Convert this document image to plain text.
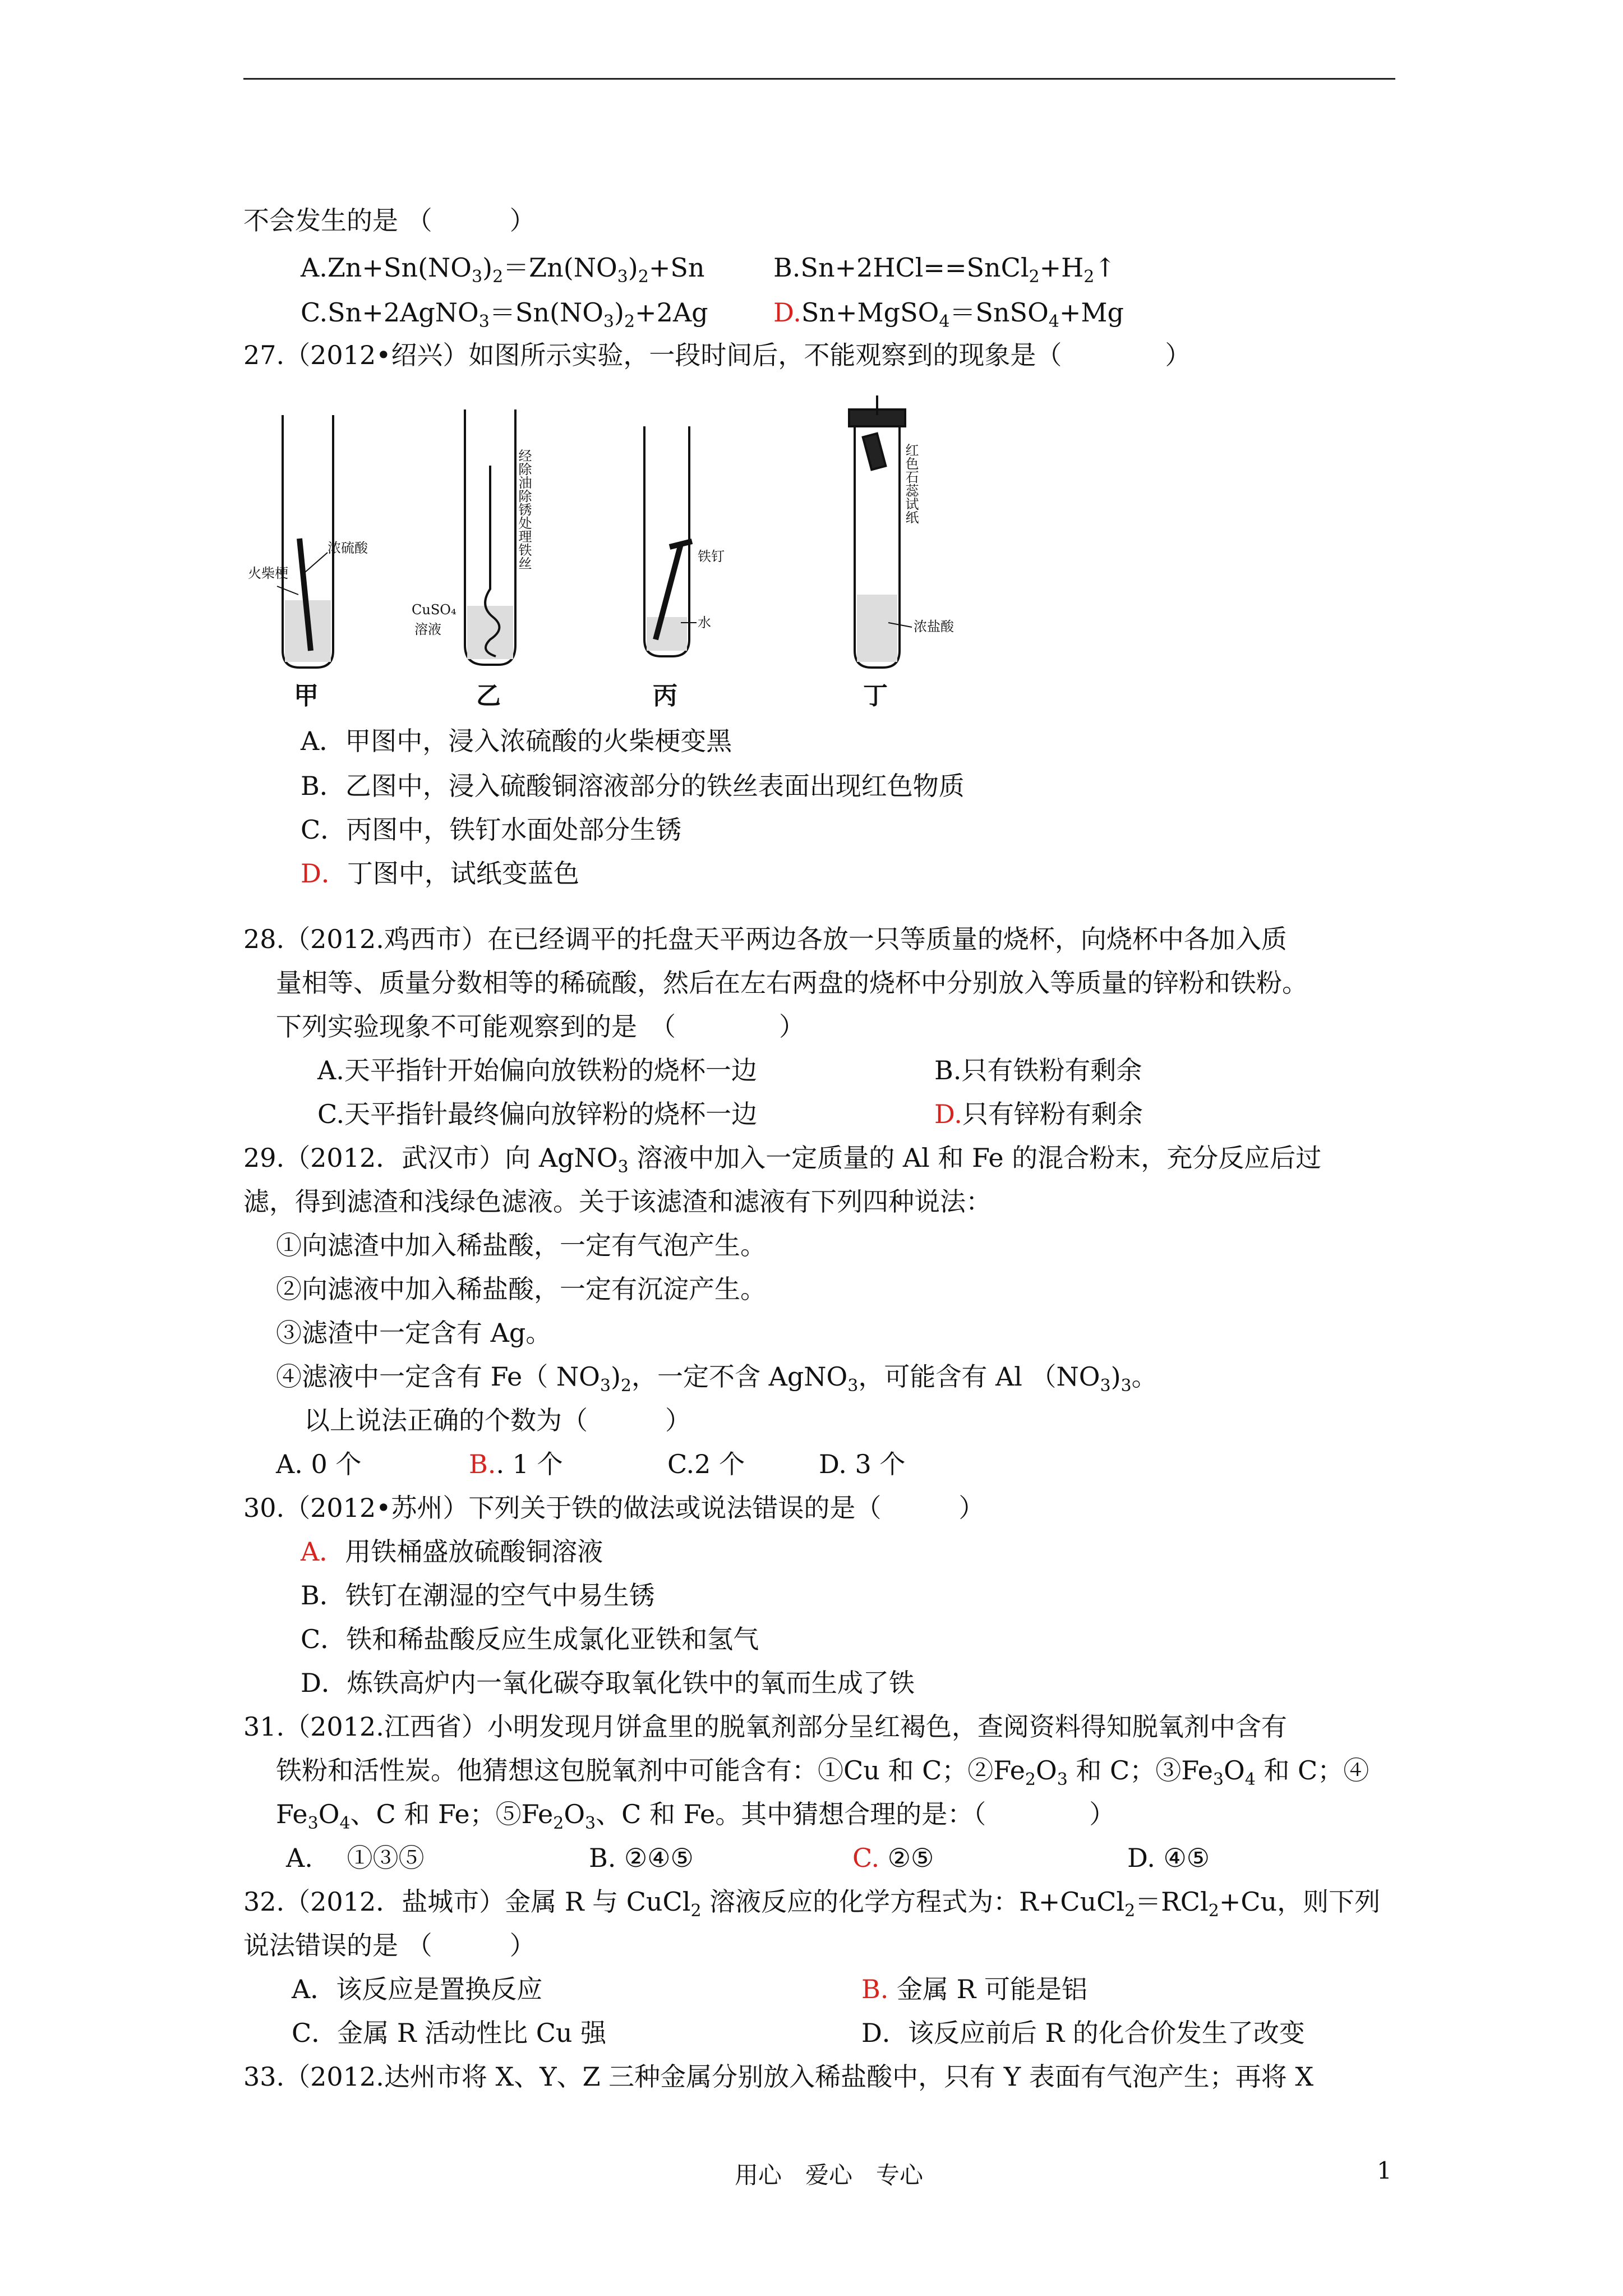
不会发生的是 （　　　）
$A.Zn+Sn(NO_3)_2=Zn(NO_3)_2+Sn$	$B.Sn+2HCl==SnCl_2+H_2↑$
$C.Sn+2AgNO_3=Sn(NO_3)_2+2Ag$	D.Sn+MgSO$_4$＝SnSO$_4$+Mg
27.（2012•绍兴）如图所示实验，一段时间后，不能观察到的现象是（　　　　）
火柴梗
浓硫酸
CuSO₄
溶液
经除油除锈处理铁丝	铁钉
水
红色石蕊试纸
浓盐酸
甲	乙	丙	丁
A．甲图中，浸入浓硫酸的火柴梗变黑
B．乙图中，浸入硫酸铜溶液部分的铁丝表面出现红色物质
C．丙图中，铁钉水面处部分生锈
D．丁图中，试纸变蓝色
28.（2012.鸡西市）在已经调平的托盘天平两边各放一只等质量的烧杯，向烧杯中各加入质
量相等、质量分数相等的稀硫酸，然后在左右两盘的烧杯中分别放入等质量的锌粉和铁粉。
下列实验现象不可能观察到的是　（　　　　）
A.天平指针开始偏向放铁粉的烧杯一边	B.只有铁粉有剩余
C.天平指针最终偏向放锌粉的烧杯一边	D.只有锌粉有剩余
29.（2012．武汉市）向 AgNO$_3$ 溶液中加入一定质量的 Al 和 Fe 的混合粉末，充分反应后过
滤，得到滤渣和浅绿色滤液。关于该滤渣和滤液有下列四种说法：
①向滤渣中加入稀盐酸，一定有气泡产生。
②向滤液中加入稀盐酸，一定有沉淀产生。
③滤渣中一定含有 Ag。
④滤液中一定含有 Fe（ $NO_3)_2$，一定不含 AgNO$_3$，可能含有 Al $(NO_3)_3$。
以上说法正确的个数为（　　　）
A. 0 个	B.. 1 个	C.2 个	D. 3 个
30.（2012•苏州）下列关于铁的做法或说法错误的是（　　　）
A．用铁桶盛放硫酸铜溶液
B．铁钉在潮湿的空气中易生锈
C．铁和稀盐酸反应生成氯化亚铁和氢气
D．炼铁高炉内一氧化碳夺取氧化铁中的氧而生成了铁
31.（2012.江西省）小明发现月饼盒里的脱氧剂部分呈红褐色，查阅资料得知脱氧剂中含有
铁粉和活性炭。他猜想这包脱氧剂中可能含有：①Cu 和 C；$②Fe_2O_3$ 和 C；$③Fe_3O_4$ 和 C；④
$Fe_3O_4$、C 和 Fe；$⑤Fe_2O_3$、C 和 Fe。其中猜想合理的是：（　　　　）
A.　 ①③⑤	B. ②④⑤	C. ②⑤	D. ④⑤
32.（2012．盐城市）金属 R 与 CuCl$_2$ 溶液反应的化学方程式为：R+CuCl$_2$＝RCl$_2$+Cu，则下列
说法错误的是 （　　　）
A．该反应是置换反应	B. 金属 R 可能是铝
C．金属 R 活动性比 Cu 强	D．该反应前后 R 的化合价发生了改变
33.（2012.达州市将 X、Y、Z 三种金属分别放入稀盐酸中，只有 Y 表面有气泡产生；再将 X
用心　爱心　专心	1
